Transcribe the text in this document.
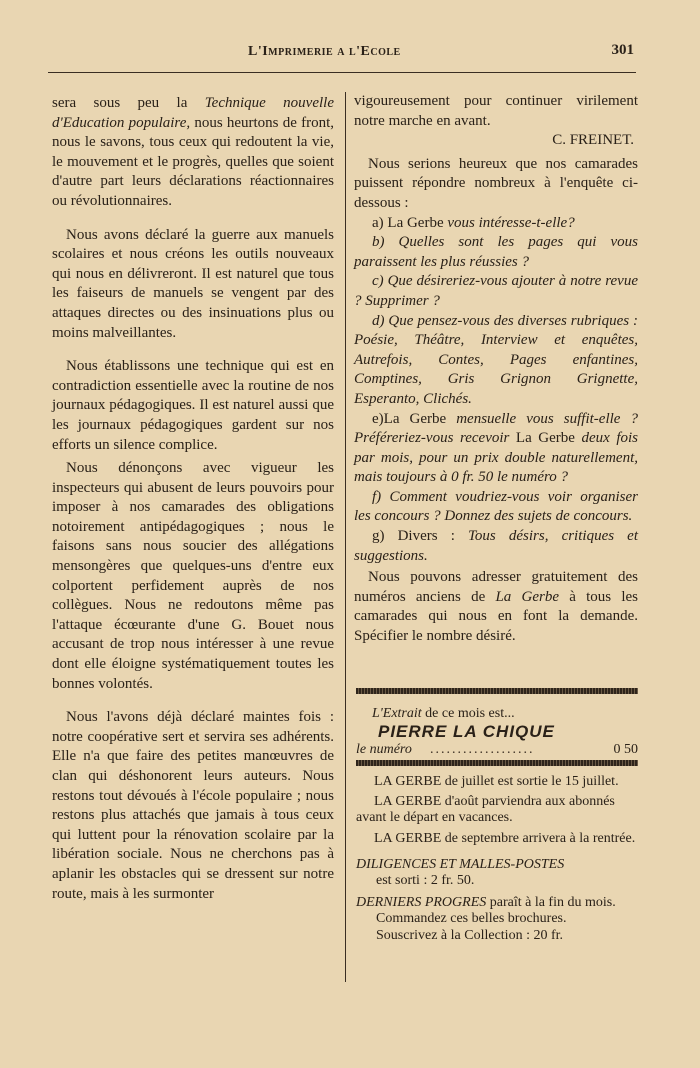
L'Imprimerie a l'Ecole	301

sera sous peu la Technique nouvelle d'Education populaire, nous heurtons de front, nous le savons, tous ceux qui redoutent la vie, le mouvement et le progrès, quelles que soient d'autre part leurs déclarations réactionnaires ou révolutionnaires.

Nous avons déclaré la guerre aux manuels scolaires et nous créons les outils nouveaux qui nous en délivreront. Il est naturel que tous les faiseurs de manuels se vengent par des attaques directes ou des insinuations plus ou moins malveillantes.

Nous établissons une technique qui est en contradiction essentielle avec la routine de nos journaux pédagogiques. Il est naturel aussi que les journaux pédagogiques gardent sur nos efforts un silence complice.

Nous dénonçons avec vigueur les inspecteurs qui abusent de leurs pouvoirs pour imposer à nos camarades des obligations notoirement antipédagogiques ; nous le faisons sans nous soucier des allégations mensongères que quelques-uns d'entre eux colportent perfidement auprès de nos collègues. Nous ne redoutons même pas l'attaque écœurante d'une G. Bouet nous accusant de trop nous intéresser à une revue dont elle éloigne systématiquement toutes les bonnes volontés.

Nous l'avons déjà déclaré maintes fois : notre coopérative sert et servira ses adhérents. Elle n'a que faire des petites manœuvres de clan qui déshonorent leurs auteurs. Nous restons tout dévoués à l'école populaire ; nous restons plus attachés que jamais à tous ceux qui luttent pour la rénovation scolaire par la libération sociale. Nous ne cherchons pas à aplanir les obstacles qui se dressent sur notre route, mais à les surmonter

vigoureusement pour continuer virilement notre marche en avant.

C. FREINET.

Nous serions heureux que nos camarades puissent répondre nombreux à l'enquête ci-dessous :

a) La Gerbe vous intéresse-t-elle?

b) Quelles sont les pages qui vous paraissent les plus réussies ?

c) Que désireriez-vous ajouter à notre revue ? Supprimer ?

d) Que pensez-vous des diverses rubriques : Poésie, Théâtre, Interview et enquêtes, Autrefois, Contes, Pages enfantines, Comptines, Gris Grignon Grignette, Esperanto, Clichés.

e)La Gerbe mensuelle vous suffit-elle ? Préféreriez-vous recevoir La Gerbe deux fois par mois, pour un prix double naturellement, mais toujours à 0 fr. 50 le numéro ?

f) Comment voudriez-vous voir organiser les concours ? Donnez des sujets de concours.

g) Divers : Tous désirs, critiques et suggestions.

Nous pouvons adresser gratuitement des numéros anciens de La Gerbe à tous les camarades qui nous en font la demande. Spécifier le nombre désiré.

L'Extrait de ce mois est...
PIERRE LA CHIQUE
le numéro ...................	0 50

LA GERBE de juillet est sortie le 15 juillet.

LA GERBE d'août parviendra aux abonnés avant le départ en vacances.

LA GERBE de septembre arrivera à la rentrée.

DILIGENCES ET MALLES-POSTES
est sorti : 2 fr. 50.

DERNIERS PROGRES paraît à la fin du mois.

Commandez ces belles brochures.

Souscrivez à la Collection : 20 fr.
